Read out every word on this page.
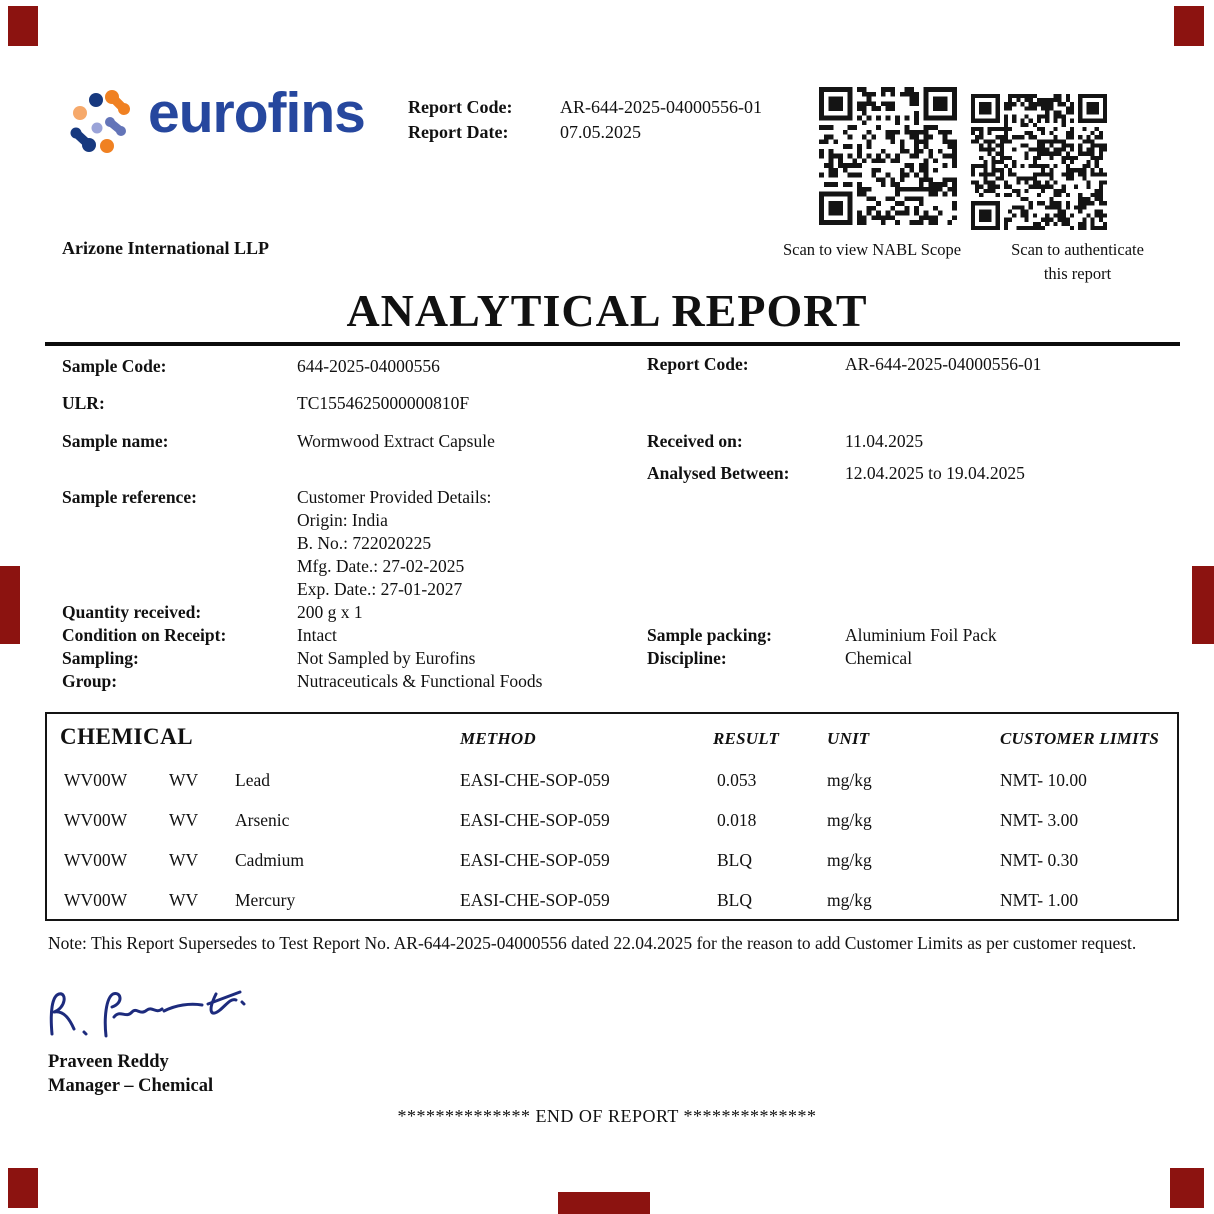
eurofins Report Code:	AR-644-2025-04000556-01
Report Date:	07.05.2025
Scan to view NABL Scope	Scan to authenticate
this report
Arizone International LLP
ANALYTICAL REPORT
Sample Code:	644-2025-04000556
ULR:	TC1554625000000810F
Sample name:	Wormwood Extract Capsule
Sample reference:	Customer Provided Details:
Origin: India
B. No.: 722020225
Mfg. Date.: 27-02-2025
Exp. Date.: 27-01-2027
Quantity received:	200 g x 1
Condition on Receipt:	Intact
Sampling:	Not Sampled by Eurofins
Group:	Nutraceuticals & Functional Foods
Report Code:	AR-644-2025-04000556-01
Received on:	11.04.2025
Analysed Between:	12.04.2025 to 19.04.2025
Sample packing:	Aluminium Foil Pack
Discipline:	Chemical
CHEMICAL	METHOD	RESULT	UNIT	CUSTOMER LIMITS
WV00W WV Lead	EASI-CHE-SOP-059	0.053	mg/kg	NMT- 10.00
WV00W WV Arsenic	EASI-CHE-SOP-059	0.018	mg/kg	NMT- 3.00
WV00W WV Cadmium	EASI-CHE-SOP-059	BLQ	mg/kg	NMT- 0.30
WV00W WV Mercury	EASI-CHE-SOP-059	BLQ	mg/kg	NMT- 1.00
Note: This Report Supersedes to Test Report No. AR-644-2025-04000556 dated 22.04.2025 for the reason to add Customer Limits as per customer request.
Praveen Reddy
Manager – Chemical
************** END OF REPORT **************
